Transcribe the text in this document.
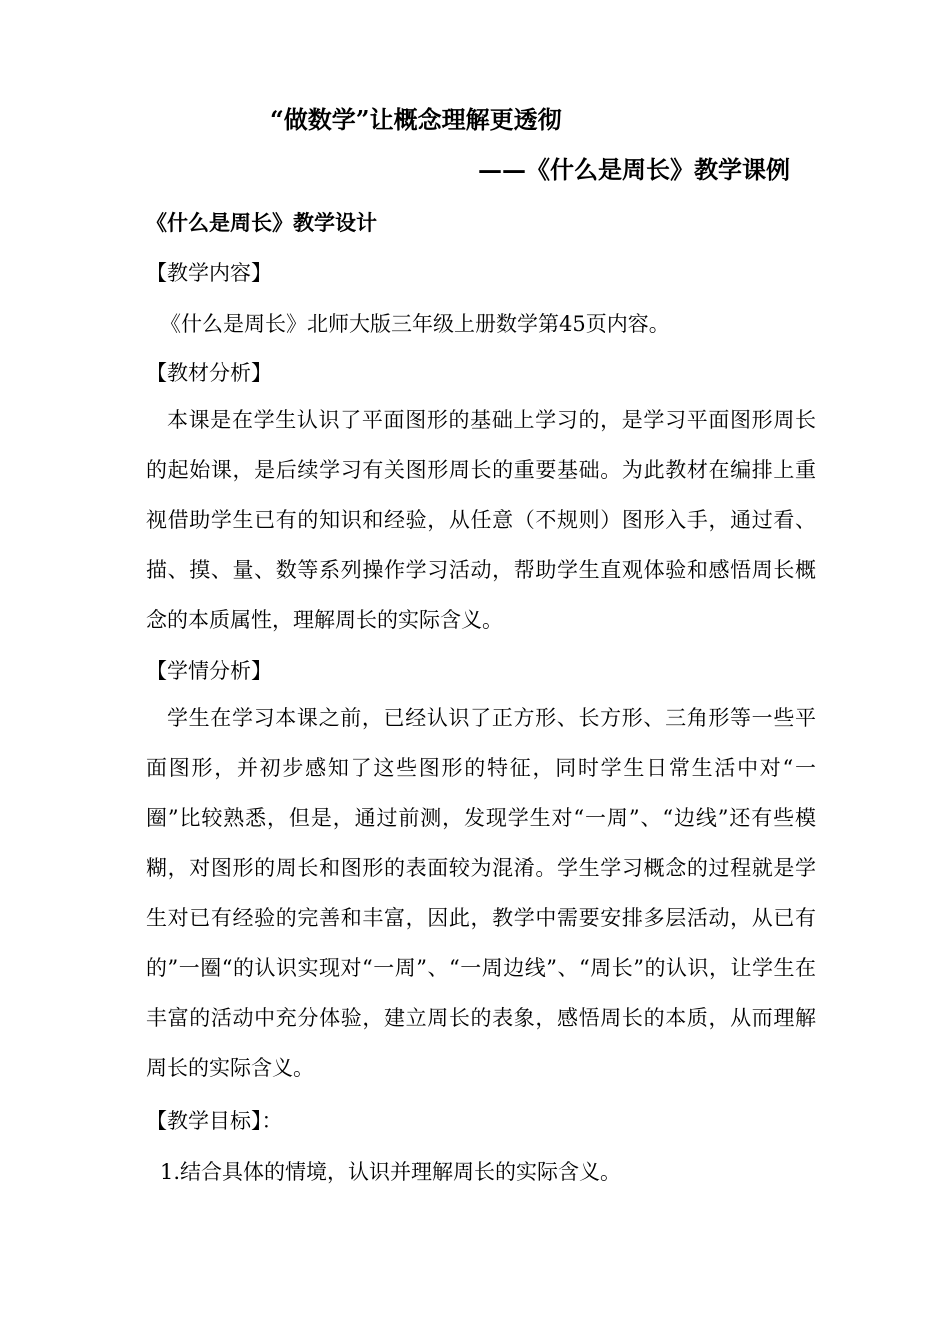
“做数学”让概念理解更透彻
——《什么是周长》教学课例
《什么是周长》教学设计
【教学内容】
《什么是周长》北师大版三年级上册数学第45页内容。
【教材分析】

本课是在学生认识了平面图形的基础上学习的，是学习平面图形周长的起始课，是后续学习有关图形周长的重要基础。为此教材在编排上重视借助学生已有的知识和经验，从任意（不规则）图形入手，通过看、描、摸、量、数等系列操作学习活动，帮助学生直观体验和感悟周长概念的本质属性，理解周长的实际含义。

【学情分析】

学生在学习本课之前，已经认识了正方形、长方形、三角形等一些平面图形，并初步感知了这些图形的特征，同时学生日常生活中对“一圈”比较熟悉，但是，通过前测，发现学生对“一周”、“边线”还有些模糊，对图形的周长和图形的表面较为混淆。学生学习概念的过程就是学生对已有经验的完善和丰富，因此，教学中需要安排多层活动，从已有的”一圈“的认识实现对“一周”、“一周边线”、“周长”的认识，让学生在丰富的活动中充分体验，建立周长的表象，感悟周长的本质，从而理解周长的实际含义。

【教学目标】：
1.结合具体的情境，认识并理解周长的实际含义。
